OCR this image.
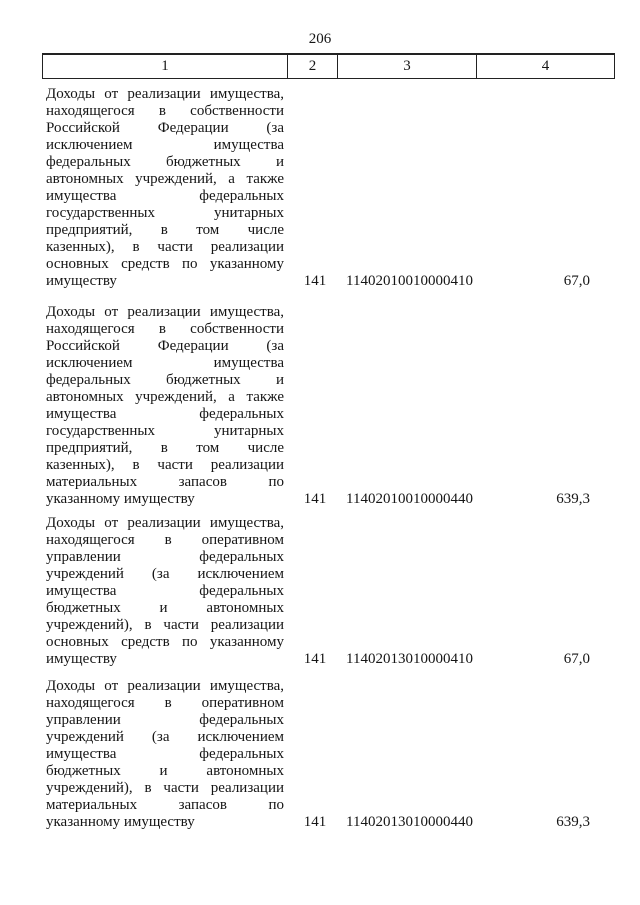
206
1	2	3	4
Доходы от реализации имущества,
находящегося в собственности
Российской Федерации (за
исключением имущества
федеральных бюджетных и
автономных учреждений, а также
имущества федеральных
государственных унитарных
предприятий, в том числе
казенных), в части реализации
основных средств по указанному
имуществу	141	11402010010000410	67,0
Доходы от реализации имущества,
находящегося в собственности
Российской Федерации (за
исключением имущества
федеральных бюджетных и
автономных учреждений, а также
имущества федеральных
государственных унитарных
предприятий, в том числе
казенных), в части реализации
материальных запасов по
указанному имуществу	141	11402010010000440	639,3
Доходы от реализации имущества,
находящегося в оперативном
управлении федеральных
учреждений (за исключением
имущества федеральных
бюджетных и автономных
учреждений), в части реализации
основных средств по указанному
имуществу	141	11402013010000410	67,0
Доходы от реализации имущества,
находящегося в оперативном
управлении федеральных
учреждений (за исключением
имущества федеральных
бюджетных и автономных
учреждений), в части реализации
материальных запасов по
указанному имуществу	141	11402013010000440	639,3
